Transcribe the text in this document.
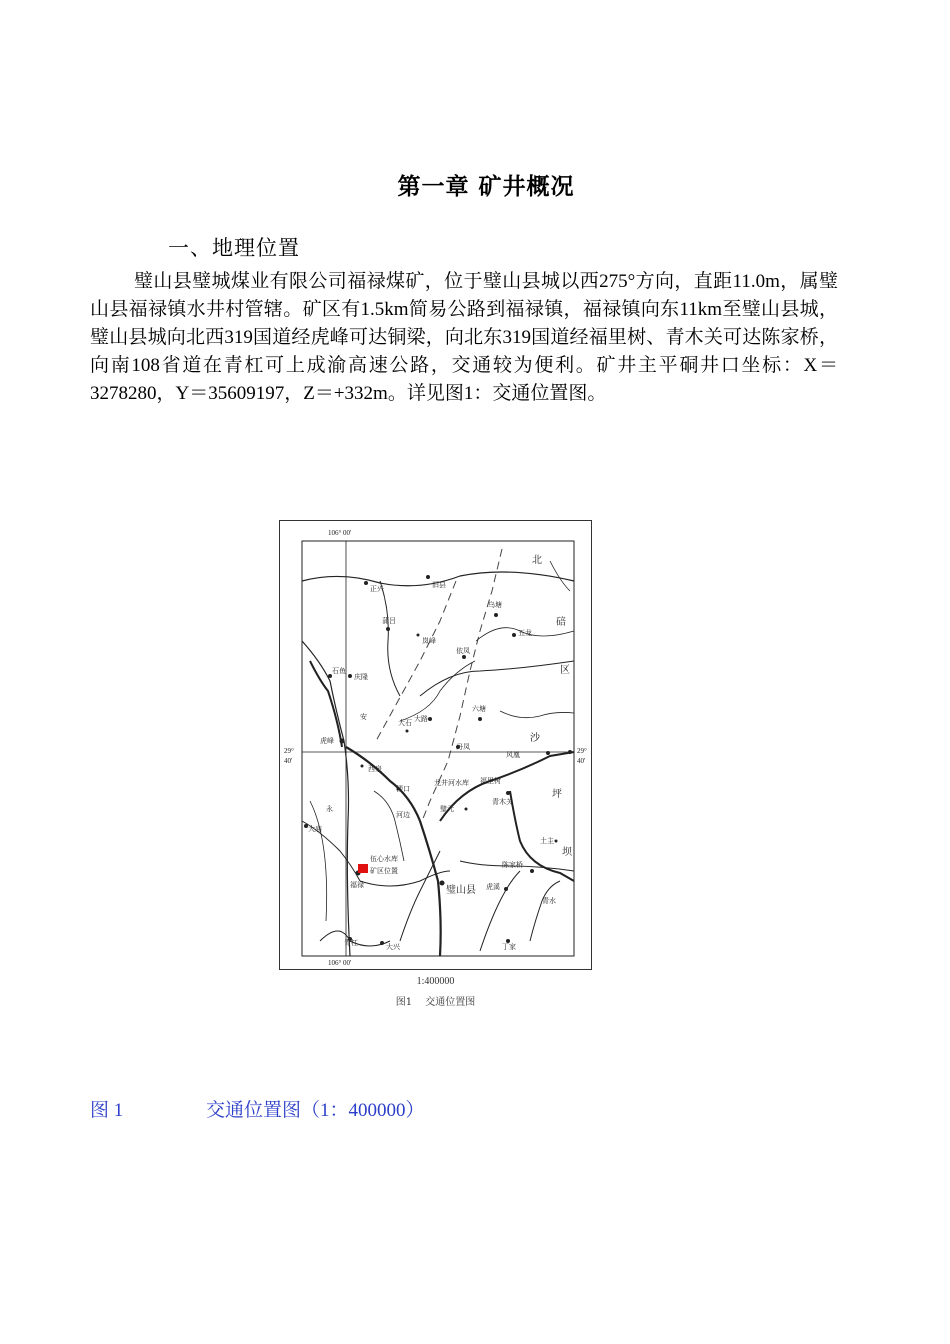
第一章 矿井概况
一、地理位置
璧山县璧城煤业有限公司福禄煤矿，位于璧山县城以西275°方向，直距11.0m，属璧山县福禄镇水井村管辖。矿区有1.5km简易公路到福禄镇，福禄镇向东11km至璧山县城，璧山县城向北西319国道经虎峰可达铜梁，向北东319国道经福里树、青木关可达陈家桥，向南108省道在青杠可上成渝高速公路，交通较为便利。矿井主平硐井口坐标：X＝3278280，Y＝35609197，Z＝+332m。详见图1：交通位置图。
106° 00'
106° 00'
29°
40'
29°
40'
北
碚
区
沙
坪
坝
旧县
正兴
乌塘
五龙
蒲吕
岚峰
依凤
石鱼
庆隆
安
大石 大路
六塘
虎峰
风凰
西泉
梗口
丹凤
璧元
河边
青木关
永
大庙
福禄	璧山县
陈家桥
虎溪
青水
青杠	大兴	丁家
土主
福里树
龙井河水库
伍心水库
矿区位置
1:400000
图1 交通位置图
图 1	交通位置图（1：400000）
